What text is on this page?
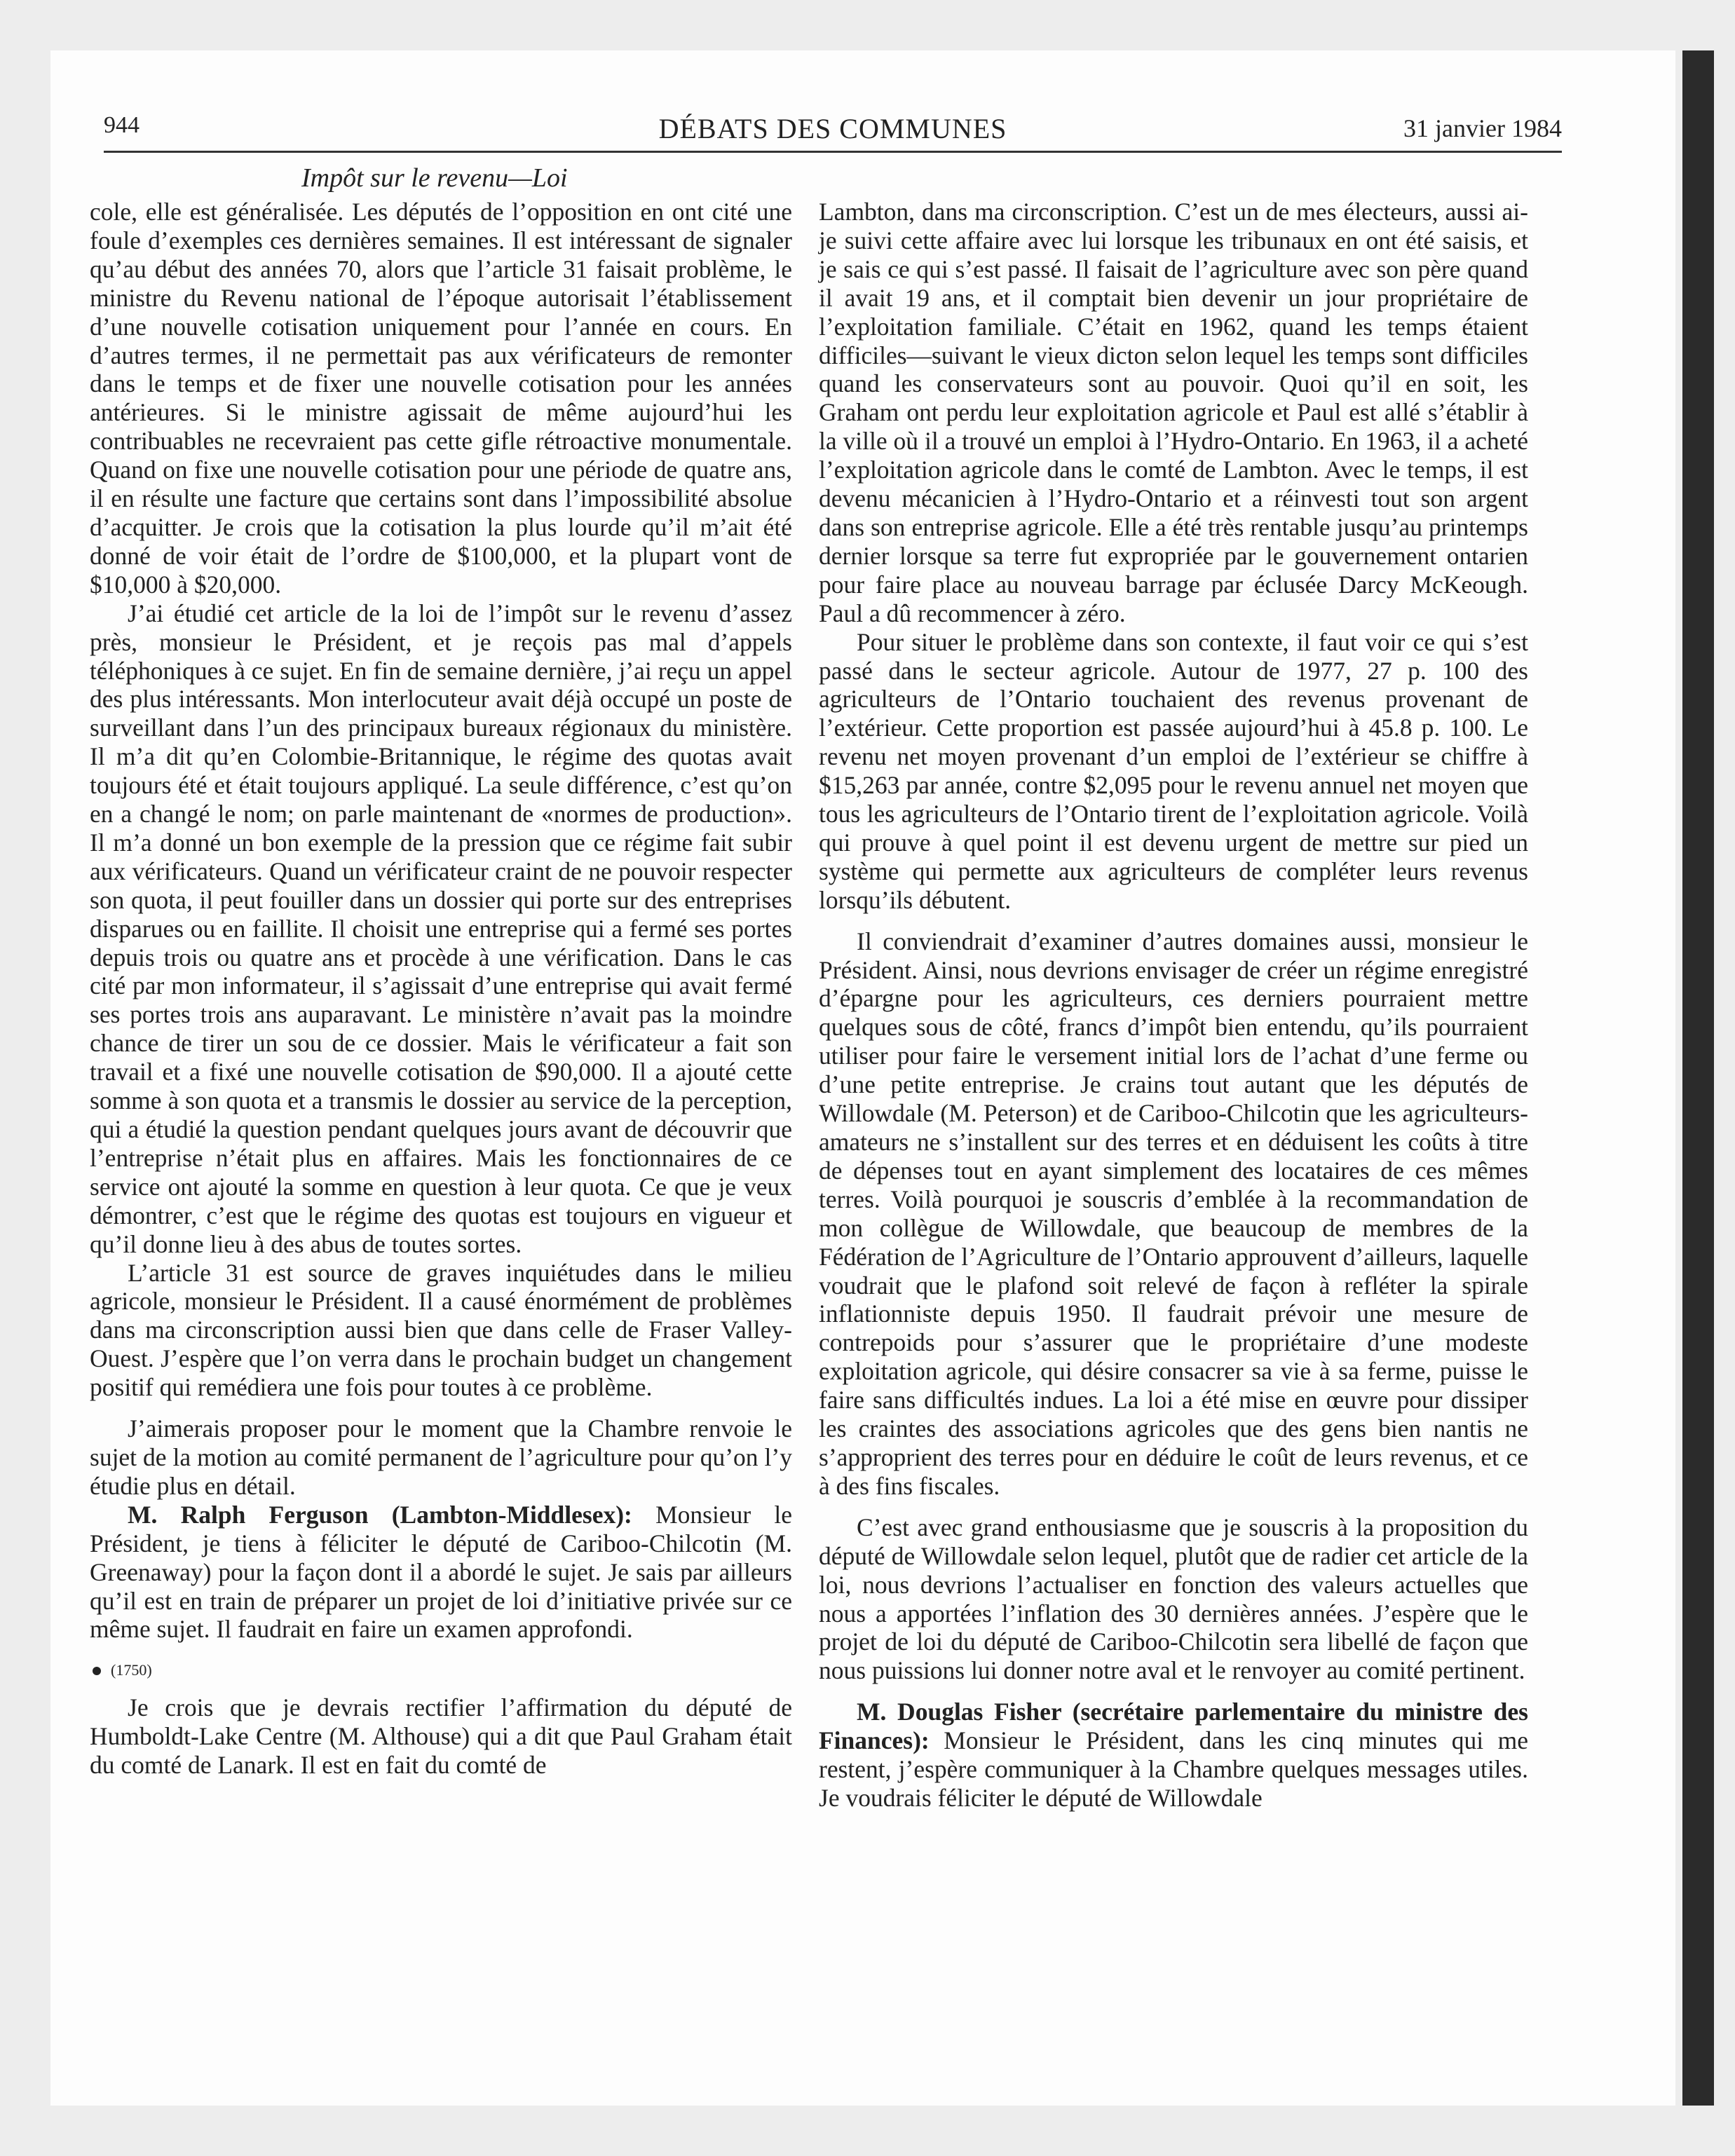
944	DÉBATS DES COMMUNES	31 janvier 1984
Impôt sur le revenu—Loi

cole, elle est généralisée. Les députés de l’opposition en ont cité une foule d’exemples ces dernières semaines. Il est intéressant de signaler qu’au début des années 70, alors que l’article 31 faisait problème, le ministre du Revenu national de l’époque autorisait l’établissement d’une nouvelle cotisation uniquement pour l’année en cours. En d’autres termes, il ne permettait pas aux vérificateurs de remonter dans le temps et de fixer une nouvelle cotisation pour les années antérieures. Si le ministre agissait de même aujourd’hui les contribuables ne recevraient pas cette gifle rétroactive monumentale. Quand on fixe une nouvelle cotisation pour une période de quatre ans, il en résulte une facture que certains sont dans l’impossibilité absolue d’acquitter. Je crois que la cotisation la plus lourde qu’il m’ait été donné de voir était de l’ordre de $100,000, et la plupart vont de $10,000 à $20,000.

J’ai étudié cet article de la loi de l’impôt sur le revenu d’assez près, monsieur le Président, et je reçois pas mal d’appels téléphoniques à ce sujet. En fin de semaine dernière, j’ai reçu un appel des plus intéressants. Mon interlocuteur avait déjà occupé un poste de surveillant dans l’un des principaux bureaux régionaux du ministère. Il m’a dit qu’en Colombie-Britannique, le régime des quotas avait toujours été et était toujours appliqué. La seule différence, c’est qu’on en a changé le nom; on parle maintenant de «normes de production». Il m’a donné un bon exemple de la pression que ce régime fait subir aux vérificateurs. Quand un vérificateur craint de ne pouvoir respecter son quota, il peut fouiller dans un dossier qui porte sur des entreprises disparues ou en faillite. Il choisit une entreprise qui a fermé ses portes depuis trois ou quatre ans et procède à une vérification. Dans le cas cité par mon informateur, il s’agissait d’une entreprise qui avait fermé ses portes trois ans auparavant. Le ministère n’avait pas la moindre chance de tirer un sou de ce dossier. Mais le vérificateur a fait son travail et a fixé une nouvelle cotisation de $90,000. Il a ajouté cette somme à son quota et a transmis le dossier au service de la perception, qui a étudié la question pendant quelques jours avant de découvrir que l’entreprise n’était plus en affaires. Mais les fonctionnaires de ce service ont ajouté la somme en question à leur quota. Ce que je veux démontrer, c’est que le régime des quotas est toujours en vigueur et qu’il donne lieu à des abus de toutes sortes.

L’article 31 est source de graves inquiétudes dans le milieu agricole, monsieur le Président. Il a causé énormément de problèmes dans ma circonscription aussi bien que dans celle de Fraser Valley-Ouest. J’espère que l’on verra dans le prochain budget un changement positif qui remédiera une fois pour toutes à ce problème.

J’aimerais proposer pour le moment que la Chambre renvoie le sujet de la motion au comité permanent de l’agriculture pour qu’on l’y étudie plus en détail.

M. Ralph Ferguson (Lambton-Middlesex): Monsieur le Président, je tiens à féliciter le député de Cariboo-Chilcotin (M. Greenaway) pour la façon dont il a abordé le sujet. Je sais par ailleurs qu’il est en train de préparer un projet de loi d’initiative privée sur ce même sujet. Il faudrait en faire un examen approfondi.

(1750)

Je crois que je devrais rectifier l’affirmation du député de Humboldt-Lake Centre (M. Althouse) qui a dit que Paul Graham était du comté de Lanark. Il est en fait du comté de

Lambton, dans ma circonscription. C’est un de mes électeurs, aussi ai-je suivi cette affaire avec lui lorsque les tribunaux en ont été saisis, et je sais ce qui s’est passé. Il faisait de l’agriculture avec son père quand il avait 19 ans, et il comptait bien devenir un jour propriétaire de l’exploitation familiale. C’était en 1962, quand les temps étaient difficiles—suivant le vieux dicton selon lequel les temps sont difficiles quand les conservateurs sont au pouvoir. Quoi qu’il en soit, les Graham ont perdu leur exploitation agricole et Paul est allé s’établir à la ville où il a trouvé un emploi à l’Hydro-Ontario. En 1963, il a acheté l’exploitation agricole dans le comté de Lambton. Avec le temps, il est devenu mécanicien à l’Hydro-Ontario et a réinvesti tout son argent dans son entreprise agricole. Elle a été très rentable jusqu’au printemps dernier lorsque sa terre fut expropriée par le gouvernement ontarien pour faire place au nouveau barrage par éclusée Darcy McKeough. Paul a dû recommencer à zéro.

Pour situer le problème dans son contexte, il faut voir ce qui s’est passé dans le secteur agricole. Autour de 1977, 27 p. 100 des agriculteurs de l’Ontario touchaient des revenus provenant de l’extérieur. Cette proportion est passée aujourd’hui à 45.8 p. 100. Le revenu net moyen provenant d’un emploi de l’extérieur se chiffre à $15,263 par année, contre $2,095 pour le revenu annuel net moyen que tous les agriculteurs de l’Ontario tirent de l’exploitation agricole. Voilà qui prouve à quel point il est devenu urgent de mettre sur pied un système qui permette aux agriculteurs de compléter leurs revenus lorsqu’ils débutent.

Il conviendrait d’examiner d’autres domaines aussi, monsieur le Président. Ainsi, nous devrions envisager de créer un régime enregistré d’épargne pour les agriculteurs, ces derniers pourraient mettre quelques sous de côté, francs d’impôt bien entendu, qu’ils pourraient utiliser pour faire le versement initial lors de l’achat d’une ferme ou d’une petite entreprise. Je crains tout autant que les députés de Willowdale (M. Peterson) et de Cariboo-Chilcotin que les agriculteurs-amateurs ne s’installent sur des terres et en déduisent les coûts à titre de dépenses tout en ayant simplement des locataires de ces mêmes terres. Voilà pourquoi je souscris d’emblée à la recommandation de mon collègue de Willowdale, que beaucoup de membres de la Fédération de l’Agriculture de l’Ontario approuvent d’ailleurs, laquelle voudrait que le plafond soit relevé de façon à refléter la spirale inflationniste depuis 1950. Il faudrait prévoir une mesure de contrepoids pour s’assurer que le propriétaire d’une modeste exploitation agricole, qui désire consacrer sa vie à sa ferme, puisse le faire sans difficultés indues. La loi a été mise en œuvre pour dissiper les craintes des associations agricoles que des gens bien nantis ne s’approprient des terres pour en déduire le coût de leurs revenus, et ce à des fins fiscales.

C’est avec grand enthousiasme que je souscris à la proposition du député de Willowdale selon lequel, plutôt que de radier cet article de la loi, nous devrions l’actualiser en fonction des valeurs actuelles que nous a apportées l’inflation des 30 dernières années. J’espère que le projet de loi du député de Cariboo-Chilcotin sera libellé de façon que nous puissions lui donner notre aval et le renvoyer au comité pertinent.

M. Douglas Fisher (secrétaire parlementaire du ministre des Finances): Monsieur le Président, dans les cinq minutes qui me restent, j’espère communiquer à la Chambre quelques messages utiles. Je voudrais féliciter le député de Willowdale
